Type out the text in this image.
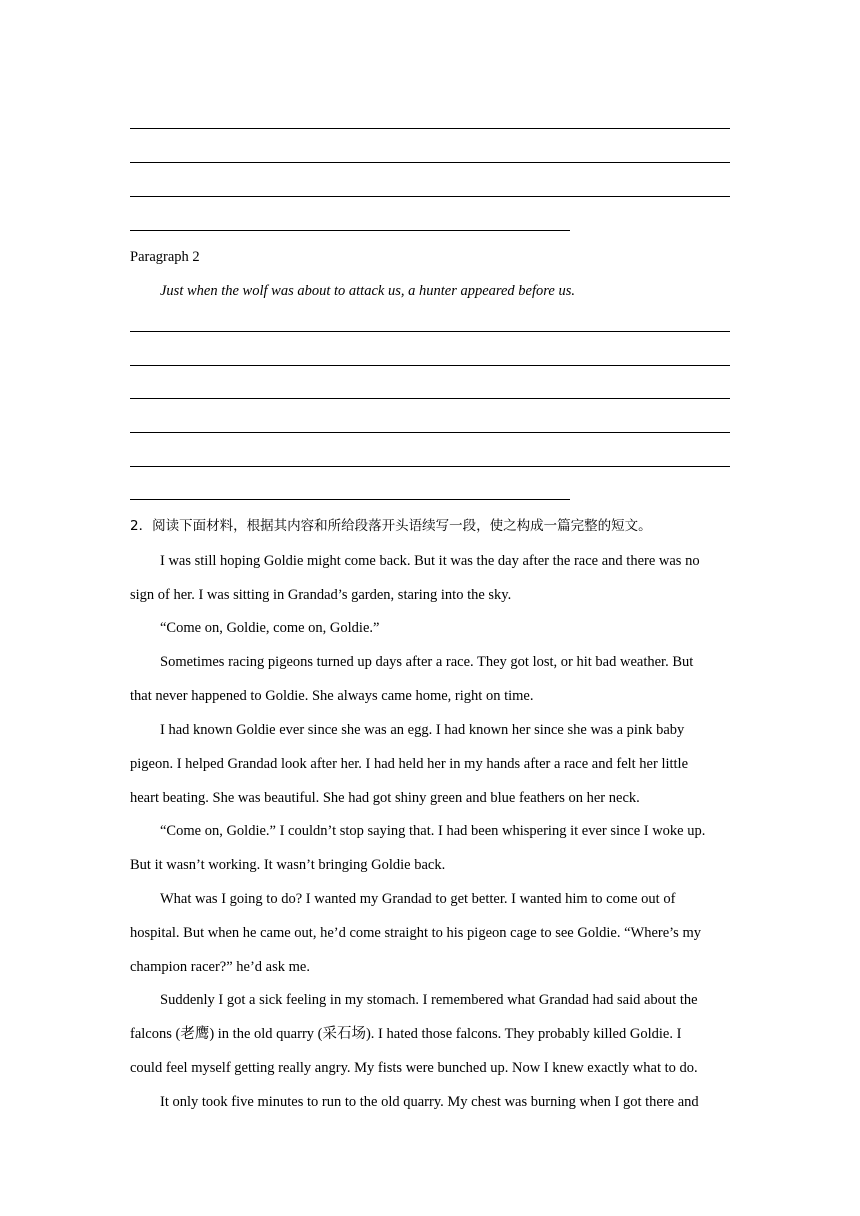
Paragraph 2
Just when the wolf was about to attack us, a hunter appeared before us.
2．阅读下面材料，根据其内容和所给段落开头语续写一段，使之构成一篇完整的短文。
I was still hoping Goldie might come back. But it was the day after the race and there was no
sign of her. I was sitting in Grandad’s garden, staring into the sky.
“Come on, Goldie, come on, Goldie.”
Sometimes racing pigeons turned up days after a race. They got lost, or hit bad weather. But
that never happened to Goldie. She always came home, right on time.
I had known Goldie ever since she was an egg. I had known her since she was a pink baby
pigeon. I helped Grandad look after her. I had held her in my hands after a race and felt her little
heart beating. She was beautiful. She had got shiny green and blue feathers on her neck.
“Come on, Goldie.” I couldn’t stop saying that. I had been whispering it ever since I woke up.
But it wasn’t working. It wasn’t bringing Goldie back.
What was I going to do? I wanted my Grandad to get better. I wanted him to come out of
hospital. But when he came out, he’d come straight to his pigeon cage to see Goldie. “Where’s my
champion racer?” he’d ask me.
Suddenly I got a sick feeling in my stomach. I remembered what Grandad had said about the
falcons (老鹰) in the old quarry (采石场). I hated those falcons. They probably killed Goldie. I
could feel myself getting really angry. My fists were bunched up. Now I knew exactly what to do.
It only took five minutes to run to the old quarry. My chest was burning when I got there and
